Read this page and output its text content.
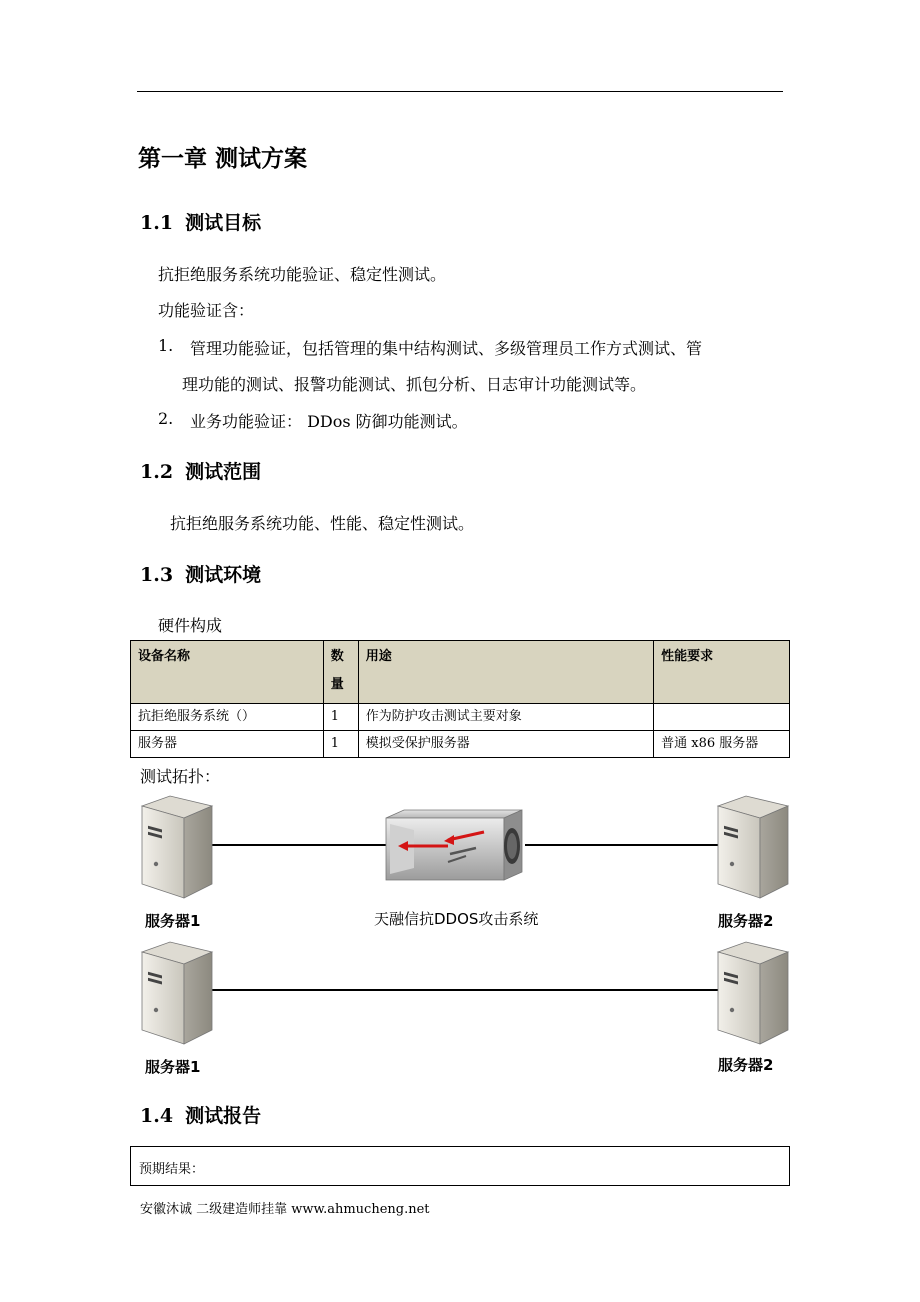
第一章 测试方案
1.1 测试目标
抗拒绝服务系统功能验证、稳定性测试。
功能验证含：
1. 管理功能验证，包括管理的集中结构测试、多级管理员工作方式测试、管
理功能的测试、报警功能测试、抓包分析、日志审计功能测试等。
2. 业务功能验证： DDos 防御功能测试。
1.2 测试范围
抗拒绝服务系统功能、性能、稳定性测试。
1.3 测试环境
硬件构成
设备名称	数量	用途	性能要求
抗拒绝服务系统（）	1	作为防护攻击测试主要对象	
服务器	1	模拟受保护服务器	普通 x86 服务器
测试拓扑：
服务器1	天融信抗DDOS攻击系统	服务器2
服务器1	服务器2
1.4 测试报告
预期结果：
安徽沐诚 二级建造师挂靠 www.ahmucheng.net
